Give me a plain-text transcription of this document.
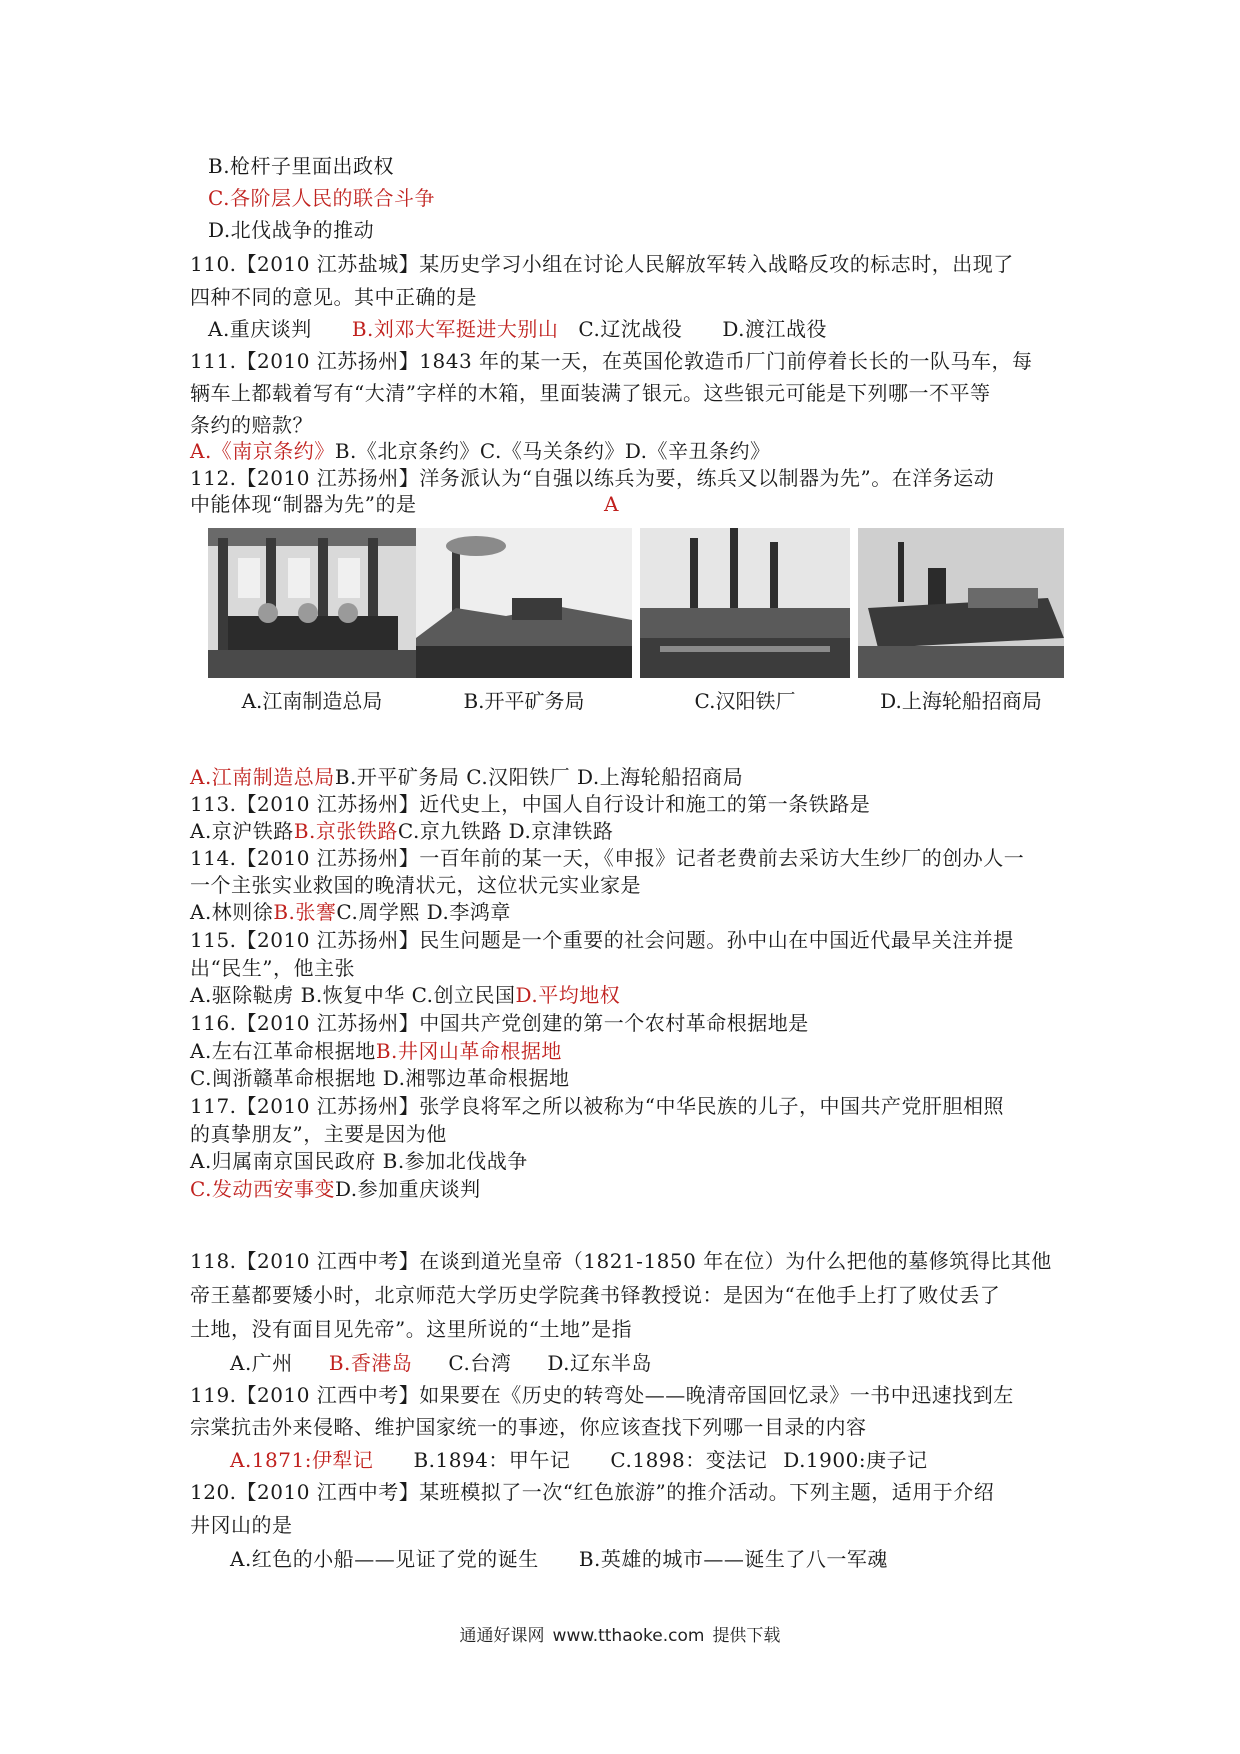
B.枪杆子里面出政权
C.各阶层人民的联合斗争
D.北伐战争的推动
110.【2010 江苏盐城】某历史学习小组在讨论人民解放军转入战略反攻的标志时，出现了
四种不同的意见。其中正确的是
A.重庆谈判 B.刘邓大军挺进大别山 C.辽沈战役 D.渡江战役
111.【2010 江苏扬州】1843 年的某一天，在英国伦敦造币厂门前停着长长的一队马车，每
辆车上都载着写有“大清”字样的木箱，里面装满了银元。这些银元可能是下列哪一不平等
条约的赔款？
A.《南京条约》B.《北京条约》C.《马关条约》D.《辛丑条约》
112.【2010 江苏扬州】洋务派认为“自强以练兵为要，练兵又以制器为先”。在洋务运动
中能体现“制器为先”的是	A
A.江南制造总局	B.开平矿务局	C.汉阳铁厂	D.上海轮船招商局
A.江南制造总局B.开平矿务局 C.汉阳铁厂 D.上海轮船招商局
113.【2010 江苏扬州】近代史上，中国人自行设计和施工的第一条铁路是
A.京沪铁路B.京张铁路C.京九铁路 D.京津铁路
114.【2010 江苏扬州】一百年前的某一天，《申报》记者老费前去采访大生纱厂的创办人一
一个主张实业救国的晚清状元，这位状元实业家是
A.林则徐B.张謇C.周学熙 D.李鸿章
115.【2010 江苏扬州】民生问题是一个重要的社会问题。孙中山在中国近代最早关注并提
出“民生”，他主张
A.驱除鞑虏 B.恢复中华 C.创立民国D.平均地权
116.【2010 江苏扬州】中国共产党创建的第一个农村革命根据地是
A.左右江革命根据地B.井冈山革命根据地
C.闽浙赣革命根据地 D.湘鄂边革命根据地
117.【2010 江苏扬州】张学良将军之所以被称为“中华民族的儿子，中国共产党肝胆相照
的真挚朋友”，主要是因为他
A.归属南京国民政府 B.参加北伐战争
C.发动西安事变D.参加重庆谈判
118.【2010 江西中考】在谈到道光皇帝（1821-1850 年在位）为什么把他的墓修筑得比其他
帝王墓都要矮小时，北京师范大学历史学院龚书铎教授说：是因为“在他手上打了败仗丢了
土地，没有面目见先帝”。这里所说的“土地”是指
A.广州 B.香港岛 C.台湾 D.辽东半岛
119.【2010 江西中考】如果要在《历史的转弯处——晚清帝国回忆录》一书中迅速找到左
宗棠抗击外来侵略、维护国家统一的事迹，你应该查找下列哪一目录的内容
A.1871:伊犁记 B.1894：甲午记 C.1898：变法记 D.1900:庚子记
120.【2010 江西中考】某班模拟了一次“红色旅游”的推介活动。下列主题，适用于介绍
井冈山的是
A.红色的小船——见证了党的诞生 B.英雄的城市——诞生了八一军魂
通通好课网 www.tthaoke.com 提供下载
